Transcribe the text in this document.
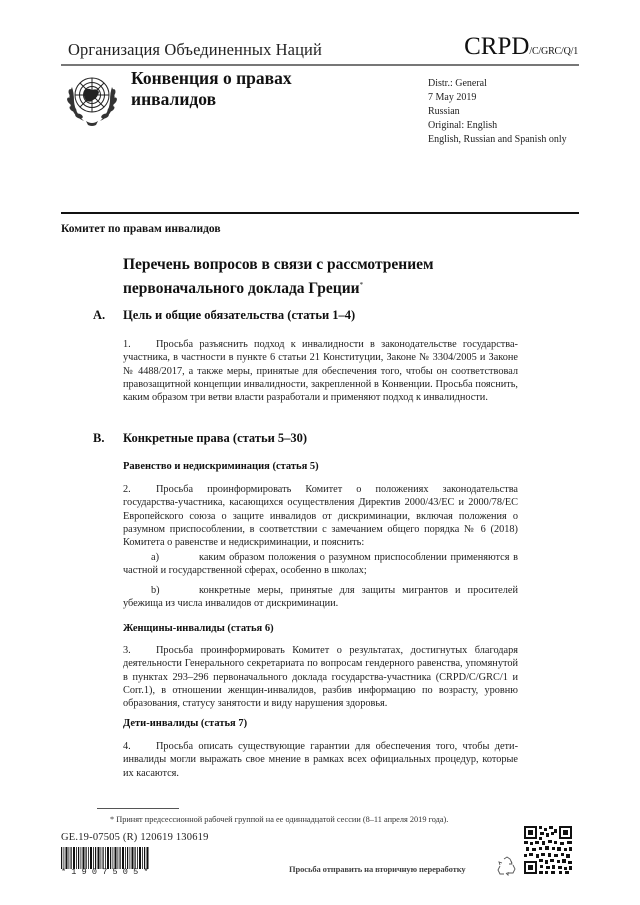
Организация Объединенных Наций	CRPD/C/GRC/Q/1
Конвенция о правах
инвалидов
Distr.: General
7 May 2019
Russian
Original: English
English, Russian and Spanish only
Комитет по правам инвалидов
Перечень вопросов в связи с рассмотрением
первоначального доклада Греции*
A. Цель и общие обязательства (статьи 1–4)
1. Просьба разъяснить подход к инвалидности в законодательстве государства-участника, в частности в пункте 6 статьи 21 Конституции, Законе № 3304/2005 и Законе № 4488/2017, а также меры, принятые для обеспечения того, чтобы он соответствовал правозащитной концепции инвалидности, закрепленной в Конвенции. Просьба пояснить, каким образом три ветви власти разработали и применяют подход к инвалидности.
B. Конкретные права (статьи 5–30)
Равенство и недискриминация (статья 5)
2. Просьба проинформировать Комитет о положениях законодательства государства-участника, касающихся осуществления Директив 2000/43/ЕС и 2000/78/ЕС Европейского союза о защите инвалидов от дискриминации, включая положения о разумном приспособлении, в соответствии с замечанием общего порядка № 6 (2018) Комитета о равенстве и недискриминации, и пояснить:
a)	каким образом положения о разумном приспособлении применяются в частной и государственной сферах, особенно в школах;
b)	конкретные меры, принятые для защиты мигрантов и просителей убежища из числа инвалидов от дискриминации.
Женщины-инвалиды (статья 6)
3. Просьба проинформировать Комитет о результатах, достигнутых благодаря деятельности Генерального секретариата по вопросам гендерного равенства, упомянутой в пунктах 293–296 первоначального доклада государства-участника (CRPD/C/GRC/1 и Corr.1), в отношении женщин-инвалидов, разбив информацию по возрасту, уровню образования, статусу занятости и виду нарушения здоровья.
Дети-инвалиды (статья 7)
4. Просьба описать существующие гарантии для обеспечения того, чтобы дети-инвалиды могли выражать свое мнение в рамках всех официальных процедур, которые их касаются.
* Принят предсессионной рабочей группой на ее одиннадцатой сессии (8–11 апреля 2019 года).
GE.19-07505 (R) 120619 130619
*1907505*	Просьба отправить на вторичную переработку
